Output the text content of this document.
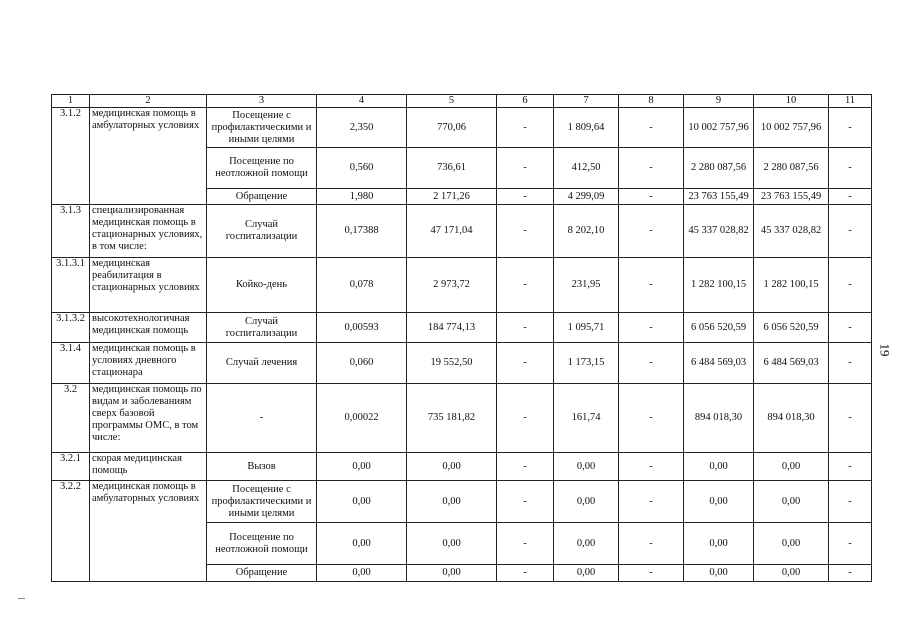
1	2	3	4	5	6	7	8	9	10	11
3.1.2	медицинская помощь в амбулаторных условиях	Посещение с профилактическими и иными целями	2,350	770,06	-	1 809,64	-	10 002 757,96	10 002 757,96	-
		Посещение по неотложной помощи	0,560	736,61	-	412,50	-	2 280 087,56	2 280 087,56	-
		Обращение	1,980	2 171,26	-	4 299,09	-	23 763 155,49	23 763 155,49	-
3.1.3	специализированная медицинская помощь в стационарных условиях, в том числе:	Случай госпитализации	0,17388	47 171,04	-	8 202,10	-	45 337 028,82	45 337 028,82	-
3.1.3.1	медицинская реабилитация в стационарных условиях	Койко-день	0,078	2 973,72	-	231,95	-	1 282 100,15	1 282 100,15	-
3.1.3.2	высокотехнологичная медицинская помощь	Случай госпитализации	0,00593	184 774,13	-	1 095,71	-	6 056 520,59	6 056 520,59	-
3.1.4	медицинская помощь в условиях дневного стационара	Случай лечения	0,060	19 552,50	-	1 173,15	-	6 484 569,03	6 484 569,03	-
3.2	медицинская помощь по видам и заболеваниям сверх базовой программы ОМС, в том числе:	-	0,00022	735 181,82	-	161,74	-	894 018,30	894 018,30	-
3.2.1	скорая медицинская помощь	Вызов	0,00	0,00	-	0,00	-	0,00	0,00	-
3.2.2	медицинская помощь в амбулаторных условиях	Посещение с профилактическими и иными целями	0,00	0,00	-	0,00	-	0,00	0,00	-
		Посещение по неотложной помощи	0,00	0,00	-	0,00	-	0,00	0,00	-
		Обращение	0,00	0,00	-	0,00	-	0,00	0,00	-
19
